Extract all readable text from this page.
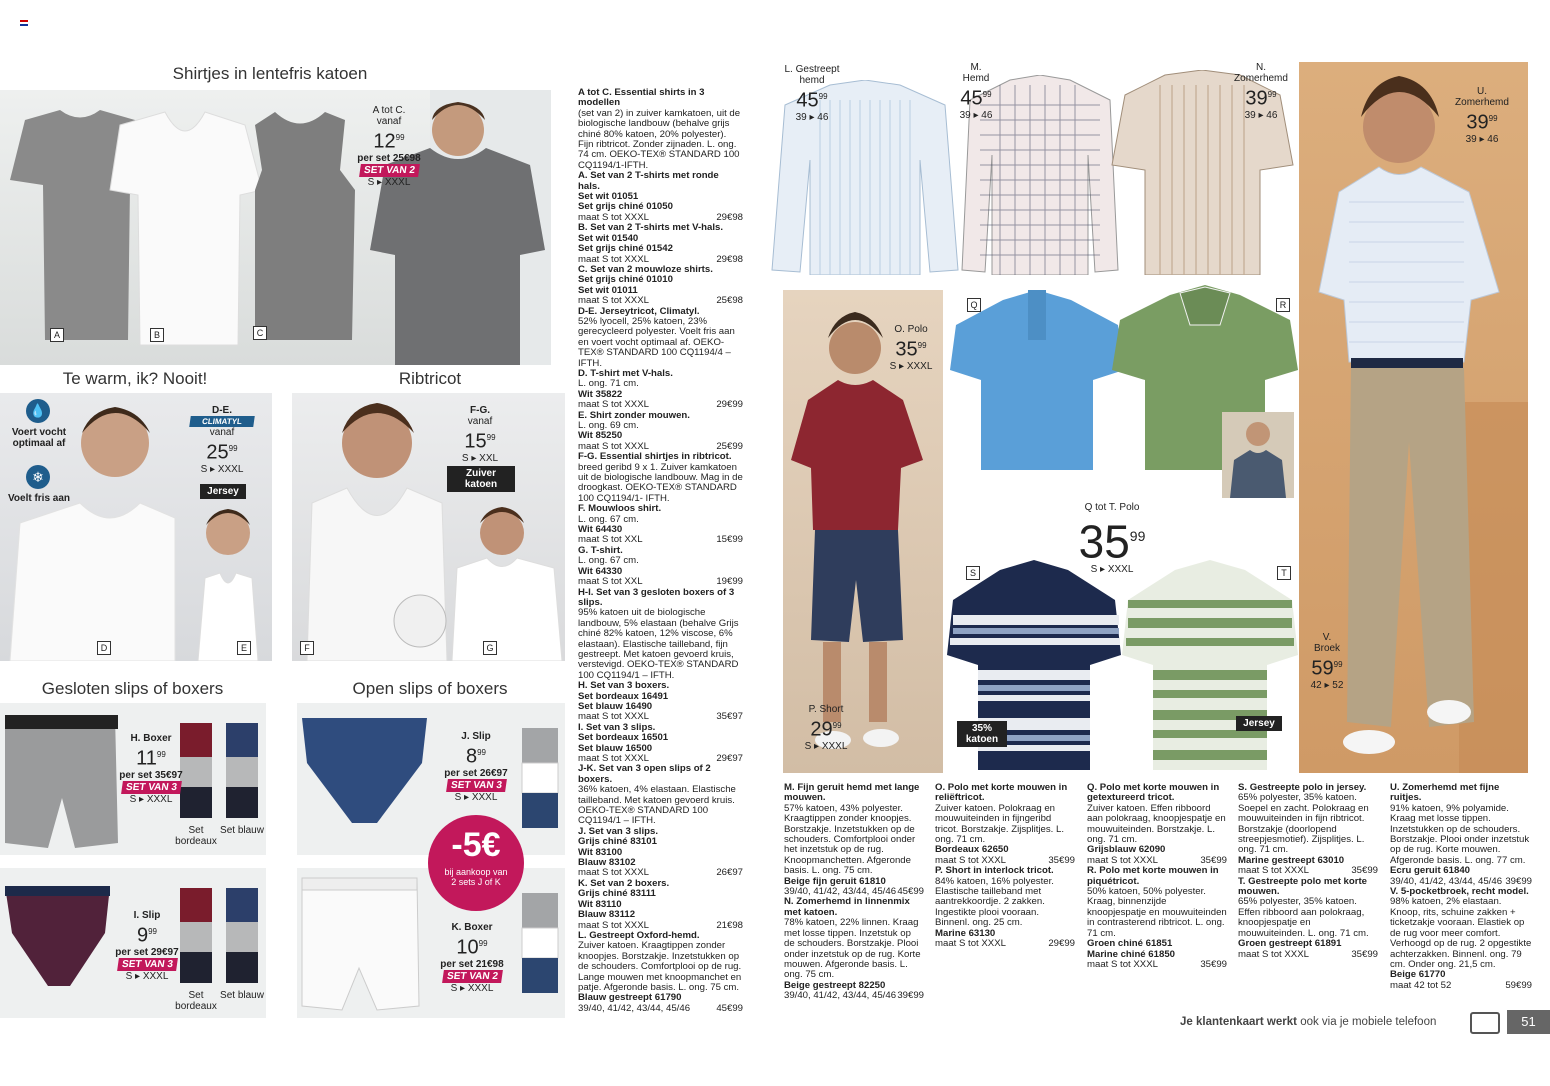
Shirtjes in lentefris katoen
A	B	C
A tot C.
vanaf
$12^{99}$
per set 25€98
SET VAN 2
S ▸ XXXL
Te warm, ik? Nooit!	Ribtricot
💧
Voert vocht optimaal af
❄
Voelt fris aan
D-E.
CLIMATYL
vanaf
$25^{99}$
S ▸ XXXL
Jersey
D	E
F-G.
vanaf
$15^{99}$
S ▸ XXL
Zuiver katoen
F	G
Gesloten slips of boxers	Open slips of boxers
H. Boxer
$11^{99}$
per set 35€97
SET VAN 3
S ▸ XXXL
Set bordeaux
Set blauw
J. Slip
$8^{99}$
per set 26€97
SET VAN 3
S ▸ XXXL
-5€
bij aankoop van 2 sets J of K
I. Slip
$9^{99}$
per set 29€97
SET VAN 3
S ▸ XXXL
Set bordeaux
Set blauw
K. Boxer
$10^{99}$
per set 21€98
SET VAN 2
S ▸ XXXL
A tot C. Essential shirts in 3 modellen
(set van 2) in zuiver kamkatoen, uit de biologische landbouw (behalve grijs chiné 80% katoen, 20% polyester). Fijn ribtricot. Zonder zijnaden. L. ong. 74 cm. OEKO-TEX® STANDARD 100 CQ1194/1-IFTH.
A. Set van 2 T-shirts met ronde hals.
Set wit 01051
Set grijs chiné 01050
maat S tot XXXL	29€98
B. Set van 2 T-shirts met V-hals.
Set wit 01540
Set grijs chiné 01542
maat S tot XXXL	29€98
C. Set van 2 mouwloze shirts.
Set grijs chiné 01010
Set wit 01011
maat S tot XXXL	25€98
D-E. Jerseytricot, Climatyl.
52% lyocell, 25% katoen, 23% gerecycleerd polyester. Voelt fris aan en voert vocht optimaal af. OEKO-TEX® STANDARD 100 CQ1194/4 – IFTH.
D. T-shirt met V-hals.
L. ong. 71 cm.
Wit 35822
maat S tot XXXL	29€99
E. Shirt zonder mouwen.
L. ong. 69 cm.
Wit 85250
maat S tot XXXL	25€99
F-G. Essential shirtjes in ribtricot.
breed geribd 9 x 1. Zuiver kamkatoen uit de biologische landbouw. Mag in de droogkast. OEKO-TEX® STANDARD 100 CQ1194/1- IFTH.
F. Mouwloos shirt.
L. ong. 67 cm.
Wit 64430
maat S tot XXL	15€99
G. T-shirt.
L. ong. 67 cm.
Wit 64330
maat S tot XXL	19€99
H-I. Set van 3 gesloten boxers of 3 slips.
95% katoen uit de biologische landbouw, 5% elastaan (behalve Grijs chiné 82% katoen, 12% viscose, 6% elastaan). Elastische tailleband, fijn gestreept. Met katoen gevoerd kruis, verstevigd. OEKO-TEX® STANDARD 100 CQ1194/1 – IFTH.
H. Set van 3 boxers.
Set bordeaux 16491
Set blauw 16490
maat S tot XXXL	35€97
I. Set van 3 slips.
Set bordeaux 16501
Set blauw 16500
maat S tot XXXL	29€97
J-K. Set van 3 open slips of 2 boxers.
36% katoen, 4% elastaan. Elastische tailleband. Met katoen gevoerd kruis. OEKO-TEX® STANDARD 100 CQ1194/1 – IFTH.
J. Set van 3 slips.
Grijs chiné 83101
Wit 83100
Blauw 83102
maat S tot XXXL	26€97
K. Set van 2 boxers.
Grijs chiné 83111
Wit 83110
Blauw 83112
maat S tot XXXL	21€98
L. Gestreept Oxford-hemd.
Zuiver katoen. Kraagtippen zonder knoopjes. Borstzakje. Inzetstukken op de schouders. Comfortplooi op de rug. Lange mouwen met knoopmanchet en patje. Afgeronde basis. L. ong. 75 cm.
Blauw gestreept 61790
39/40, 41/42, 43/44, 45/46	45€99
L. Gestreept hemd
$45^{99}$
39 ▸ 46
M. Hemd
$45^{99}$
39 ▸ 46
N. Zomerhemd
$39^{99}$
39 ▸ 46
O. Polo
$35^{99}$
S ▸ XXXL
P. Short
$29^{99}$
S ▸ XXXL
Q	R
Q tot T. Polo
$35^{99}$
S ▸ XXXL
S	T
35% katoen
Jersey
U. Zomerhemd
$39^{99}$
39 ▸ 46
V. Broek
$59^{99}$
42 ▸ 52
M. Fijn geruit hemd met lange mouwen.
57% katoen, 43% polyester. Kraagtippen zonder knoopjes. Borstzakje. Inzetstukken op de schouders. Comfortplooi onder het inzetstuk op de rug. Knoopmanchetten. Afgeronde basis. L. ong. 75 cm.
Beige fijn geruit 61810
39/40, 41/42, 43/44, 45/46 45€99
N. Zomerhemd in linnenmix met katoen.
78% katoen, 22% linnen. Kraag met losse tippen. Inzetstuk op de schouders. Borstzakje. Plooi onder inzetstuk op de rug. Korte mouwen. Afgeronde basis. L. ong. 75 cm.
Beige gestreept 82250
39/40, 41/42, 43/44, 45/46 39€99
O. Polo met korte mouwen in reliëftricot.
Zuiver katoen. Polokraag en mouwuiteinden in fijngeribd tricot. Borstzakje. Zijsplitjes. L. ong. 71 cm.
Bordeaux 62650
maat S tot XXXL	35€99
P. Short in interlock tricot.
84% katoen, 16% polyester. Elastische tailleband met aantrekkoordje. 2 zakken. Ingestikte plooi vooraan. Binnenl. ong. 25 cm.
Marine 63130
maat S tot XXXL	29€99
Q. Polo met korte mouwen in getextureerd tricot.
Zuiver katoen. Effen ribboord aan polokraag, knoopjespatje en mouwuiteinden. Borstzakje. L. ong. 71 cm.
Grijsblauw 62090
maat S tot XXXL	35€99
R. Polo met korte mouwen in piquétricot.
50% katoen, 50% polyester. Kraag, binnenzijde knoopjespatje en mouwuiteinden in contrasterend ribtricot. L. ong. 71 cm.
Groen chiné 61851
Marine chiné 61850
maat S tot XXXL	35€99
S. Gestreepte polo in jersey.
65% polyester, 35% katoen. Soepel en zacht. Polokraag en mouwuiteinden in fijn ribtricot. Borstzakje (doorlopend streepjesmotief). Zijsplitjes. L. ong. 71 cm.
Marine gestreept 63010
maat S tot XXXL	35€99
T. Gestreepte polo met korte mouwen.
65% polyester, 35% katoen. Effen ribboord aan polokraag, knoopjespatje en mouwuiteinden. L. ong. 71 cm.
Groen gestreept 61891
maat S tot XXXL	35€99
U. Zomerhemd met fijne ruitjes.
91% katoen, 9% polyamide. Kraag met losse tippen. Inzetstukken op de schouders. Borstzakje. Plooi onder inzetstuk op de rug. Korte mouwen. Afgeronde basis. L. ong. 77 cm.
Ecru geruit 61840
39/40, 41/42, 43/44, 45/46 39€99
V. 5-pocketbroek, recht model.
98% katoen, 2% elastaan. Knoop, rits, schuine zakken + ticketzakje vooraan. Elastiek op de rug voor meer comfort. Verhoogd op de rug. 2 opgestikte achterzakken. Binnenl. ong. 79 cm. Onder ong. 21,5 cm.
Beige 61770
maat 42 tot 52	59€99
Je klantenkaart werkt ook via je mobiele telefoon	51
